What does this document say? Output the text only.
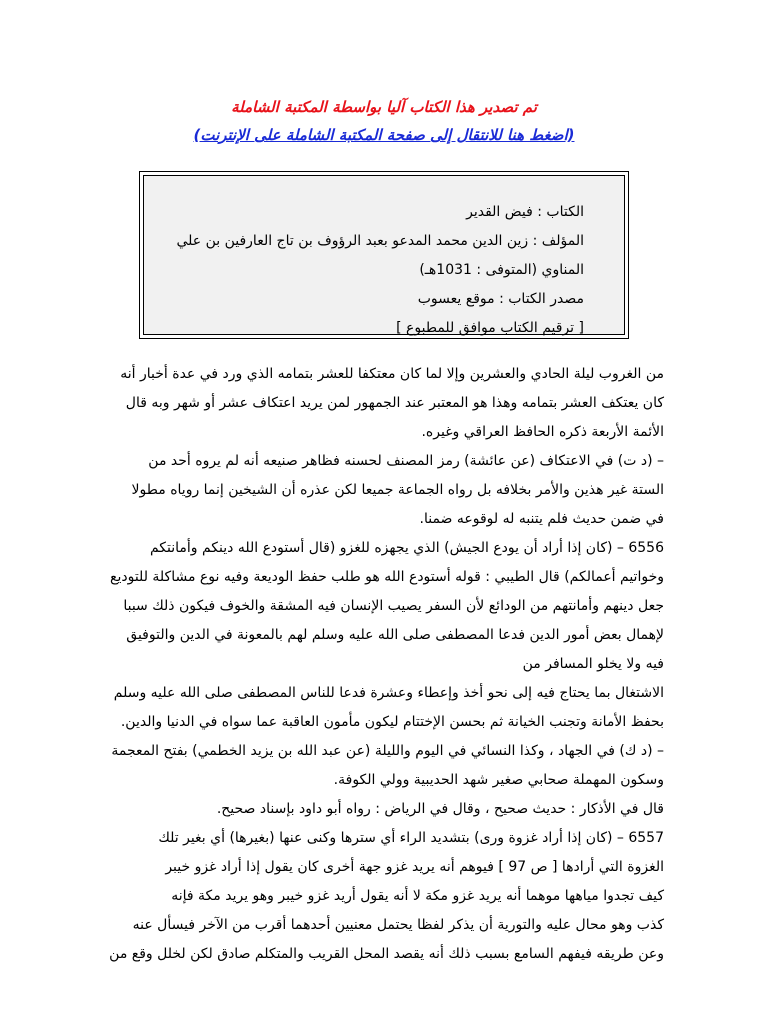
تم تصدير هذا الكتاب آليا بواسطة المكتبة الشاملة

(اضغط هنا للانتقال إلى صفحة المكتبة الشاملة على الإنترنت)

الكتاب : فيض القدير

المؤلف : زين الدين محمد المدعو بعبد الرؤوف بن تاج العارفين بن علي

المناوي (المتوفى : 1031هـ)

مصدر الكتاب : موقع يعسوب

[ ترقيم الكتاب موافق للمطبوع ]

من الغروب ليلة الحادي والعشرين وإلا لما كان معتكفا للعشر بتمامه الذي ورد في عدة أخبار أنه

كان يعتكف العشر بتمامه وهذا هو المعتبر عند الجمهور لمن يريد اعتكاف عشر أو شهر وبه قال

الأئمة الأربعة ذكره الحافظ العراقي وغيره.

– (د ت) في الاعتكاف (عن عائشة) رمز المصنف لحسنه فظاهر صنيعه أنه لم يروه أحد من

الستة غير هذين والأمر بخلافه بل رواه الجماعة جميعا لكن عذره أن الشيخين إنما روياه مطولا

في ضمن حديث فلم يتنبه له لوقوعه ضمنا.

6556 – (كان إذا أراد أن يودع الجيش) الذي يجهزه للغزو (قال أستودع الله دينكم وأمانتكم

وخواتيم أعمالكم) قال الطيبي : قوله أستودع الله هو طلب حفظ الوديعة وفيه نوع مشاكلة للتوديع

جعل دينهم وأمانتهم من الودائع لأن السفر يصيب الإنسان فيه المشقة والخوف فيكون ذلك سببا

لإهمال بعض أمور الدين فدعا المصطفى صلى الله عليه وسلم لهم بالمعونة في الدين والتوفيق

فيه ولا يخلو المسافر من

الاشتغال بما يحتاج فيه إلى نحو أخذ وإعطاء وعشرة فدعا للناس المصطفى صلى الله عليه وسلم

بحفظ الأمانة وتجنب الخيانة ثم بحسن الإختتام ليكون مأمون العاقبة عما سواه في الدنيا والدين.

– (د ك) في الجهاد ، وكذا النسائي في اليوم والليلة (عن عبد الله بن يزيد الخطمي) بفتح المعجمة

وسكون المهملة صحابي صغير شهد الحديبية وولي الكوفة.

قال في الأذكار : حديث صحيح ، وقال في الرياض : رواه أبو داود بإسناد صحيح.

6557 – (كان إذا أراد غزوة ورى) بتشديد الراء أي سترها وكنى عنها (بغيرها) أي بغير تلك

الغزوة التي أرادها [ ص 97 ] فيوهم أنه يريد غزو جهة أخرى كان يقول إذا أراد غزو خيبر

كيف تجدوا مياهها موهما أنه يريد غزو مكة لا أنه يقول أريد غزو خيبر وهو يريد مكة فإنه

كذب وهو محال عليه والتورية أن يذكر لفظا يحتمل معنيين أحدهما أقرب من الآخر فيسأل عنه

وعن طريقه فيفهم السامع بسبب ذلك أنه يقصد المحل القريب والمتكلم صادق لكن لخلل وقع من
